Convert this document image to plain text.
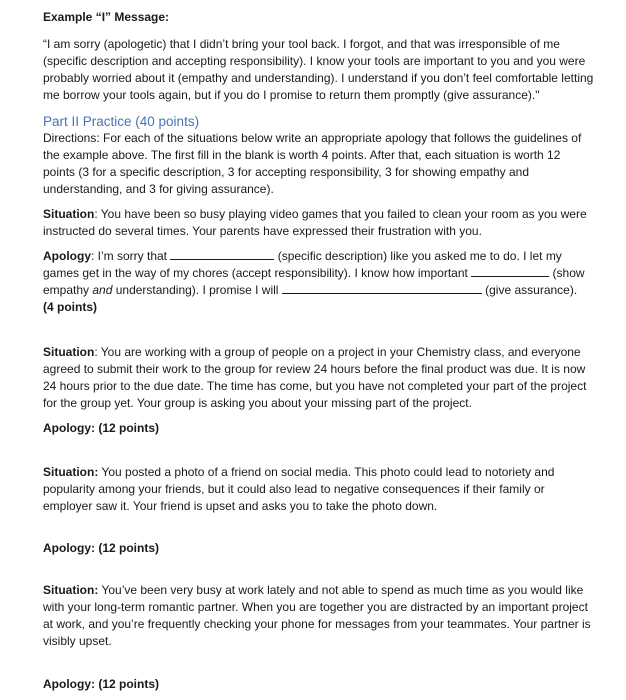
Example “I” Message:

“I am sorry (apologetic) that I didn’t bring your tool back. I forgot, and that was irresponsible of me (specific description and accepting responsibility). I know your tools are important to you and you were probably worried about it (empathy and understanding). I understand if you don’t feel comfortable letting me borrow your tools again, but if you do I promise to return them promptly (give assurance)."

Part II Practice (40 points)

Directions: For each of the situations below write an appropriate apology that follows the guidelines of the example above. The first fill in the blank is worth 4 points. After that, each situation is worth 12 points (3 for a specific description, 3 for accepting responsibility, 3 for showing empathy and understanding, and 3 for giving assurance).

Situation: You have been so busy playing video games that you failed to clean your room as you were instructed do several times. Your parents have expressed their frustration with you.

Apology: I’m sorry that	(specific description) like you asked me to do. I let my games get in the way of my chores (accept responsibility). I know how important	(show empathy and understanding). I promise I will	(give assurance).

(4 points)

Situation: You are working with a group of people on a project in your Chemistry class, and everyone agreed to submit their work to the group for review 24 hours before the final product was due. It is now 24 hours prior to the due date. The time has come, but you have not completed your part of the project for the group yet. Your group is asking you about your missing part of the project.

Apology: (12 points)

Situation: You posted a photo of a friend on social media. This photo could lead to notoriety and popularity among your friends, but it could also lead to negative consequences if their family or employer saw it. Your friend is upset and asks you to take the photo down.

Apology: (12 points)

Situation: You’ve been very busy at work lately and not able to spend as much time as you would like with your long-term romantic partner. When you are together you are distracted by an important project at work, and you’re frequently checking your phone for messages from your teammates. Your partner is visibly upset.

Apology: (12 points)
